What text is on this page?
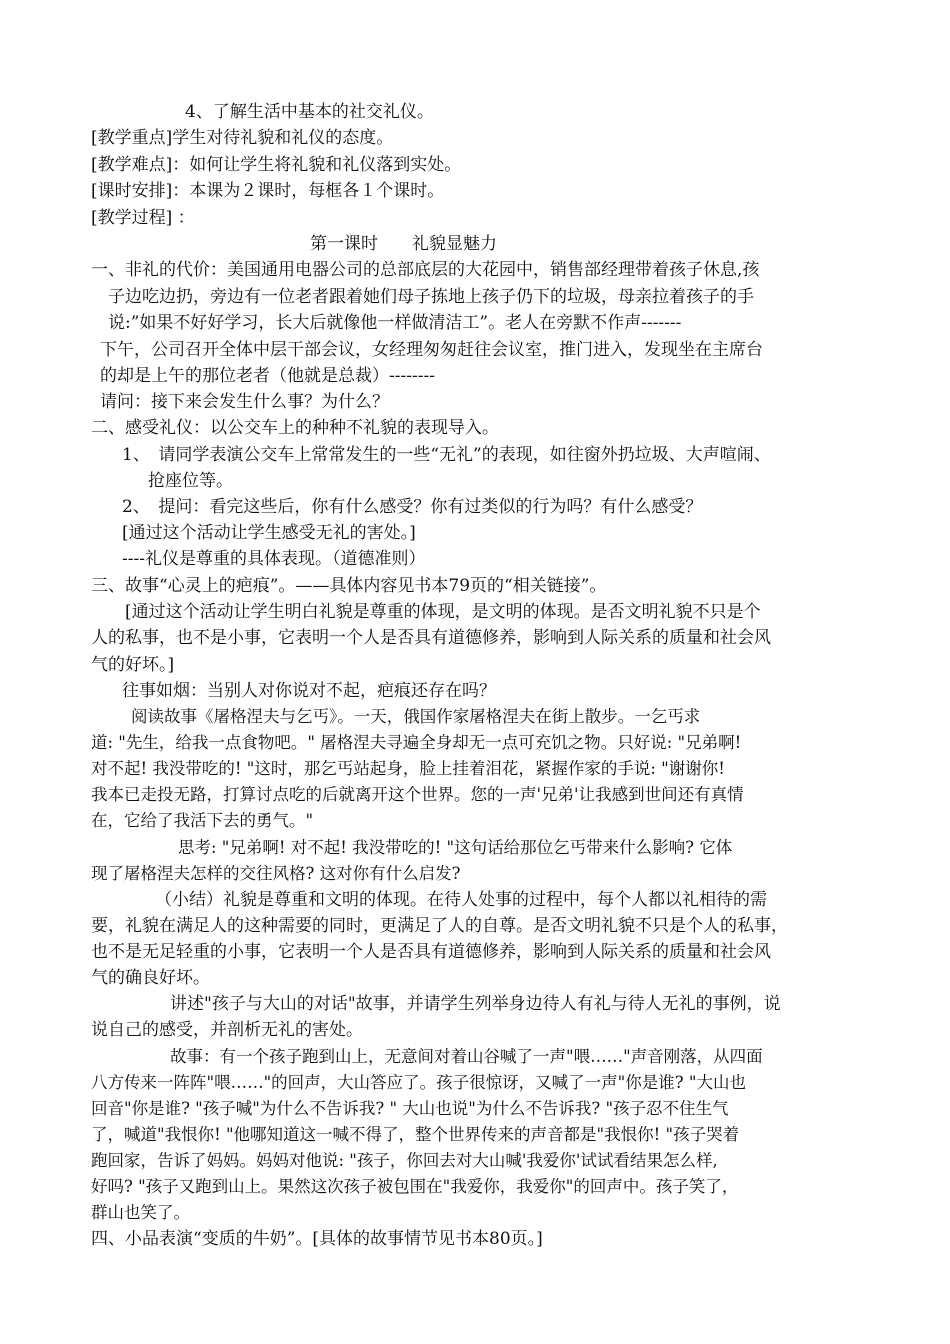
4、了解生活中基本的社交礼仪。
[教学重点]学生对待礼貌和礼仪的态度。
[教学难点]：如何让学生将礼貌和礼仪落到实处。
[课时安排]：本课为２课时，每框各１个课时。
[教学过程] ：
第一课时　　礼貌显魅力
一、非礼的代价：美国通用电器公司的总部底层的大花园中，销售部经理带着孩子休息,孩
子边吃边扔，旁边有一位老者跟着她们母子拣地上孩子仍下的垃圾，母亲拉着孩子的手
说:”如果不好好学习，长大后就像他一样做清洁工”。老人在旁默不作声-------
下午，公司召开全体中层干部会议，女经理匆匆赶往会议室，推门进入，发现坐在主席台
的却是上午的那位老者（他就是总裁）--------
请问：接下来会发生什么事？为什么？
二、感受礼仪：以公交车上的种种不礼貌的表现导入。
1、　请同学表演公交车上常常发生的一些“无礼”的表现，如往窗外扔垃圾、大声喧闹、
抢座位等。
2、　提问：看完这些后，你有什么感受？你有过类似的行为吗？有什么感受？
[通过这个活动让学生感受无礼的害处。]
----礼仪是尊重的具体表现。（道德准则）
三、故事“心灵上的疤痕”。——具体内容见书本79页的“相关链接”。
[通过这个活动让学生明白礼貌是尊重的体现，是文明的体现。是否文明礼貌不只是个
人的私事，也不是小事，它表明一个人是否具有道德修养，影响到人际关系的质量和社会风
气的好坏。]
往事如烟：当别人对你说对不起，疤痕还存在吗？
阅读故事《屠格涅夫与乞丐》。一天，俄国作家屠格涅夫在街上散步。一乞丐求
道: "先生，给我一点食物吧。" 屠格涅夫寻遍全身却无一点可充饥之物。只好说: "兄弟啊!
对不起! 我没带吃的! "这时，那乞丐站起身，脸上挂着泪花，紧握作家的手说: "谢谢你!
我本已走投无路，打算讨点吃的后就离开这个世界。您的一声'兄弟'让我感到世间还有真情
在，它给了我活下去的勇气。"
思考: "兄弟啊! 对不起! 我没带吃的! "这句话给那位乞丐带来什么影响? 它体
现了屠格涅夫怎样的交往风格? 这对你有什么启发?
（小结）礼貌是尊重和文明的体现。在待人处事的过程中，每个人都以礼相待的需
要，礼貌在满足人的这种需要的同时，更满足了人的自尊。是否文明礼貌不只是个人的私事，
也不是无足轻重的小事，它表明一个人是否具有道德修养，影响到人际关系的质量和社会风
气的确良好坏。
讲述"孩子与大山的对话"故事，并请学生列举身边待人有礼与待人无礼的事例，说
说自己的感受，并剖析无礼的害处。
故事：有一个孩子跑到山上，无意间对着山谷喊了一声"喂……"声音刚落，从四面
八方传来一阵阵"喂……"的回声，大山答应了。孩子很惊讶，又喊了一声"你是谁? "大山也
回音"你是谁? "孩子喊"为什么不告诉我? " 大山也说"为什么不告诉我? "孩子忍不住生气
了，喊道"我恨你! "他哪知道这一喊不得了，整个世界传来的声音都是"我恨你! "孩子哭着
跑回家，告诉了妈妈。妈妈对他说: "孩子，你回去对大山喊'我爱你'试试看结果怎么样,
好吗? "孩子又跑到山上。果然这次孩子被包围在"我爱你，我爱你"的回声中。孩子笑了，
群山也笑了。
四、小品表演“变质的牛奶”。[具体的故事情节见书本80页。]
